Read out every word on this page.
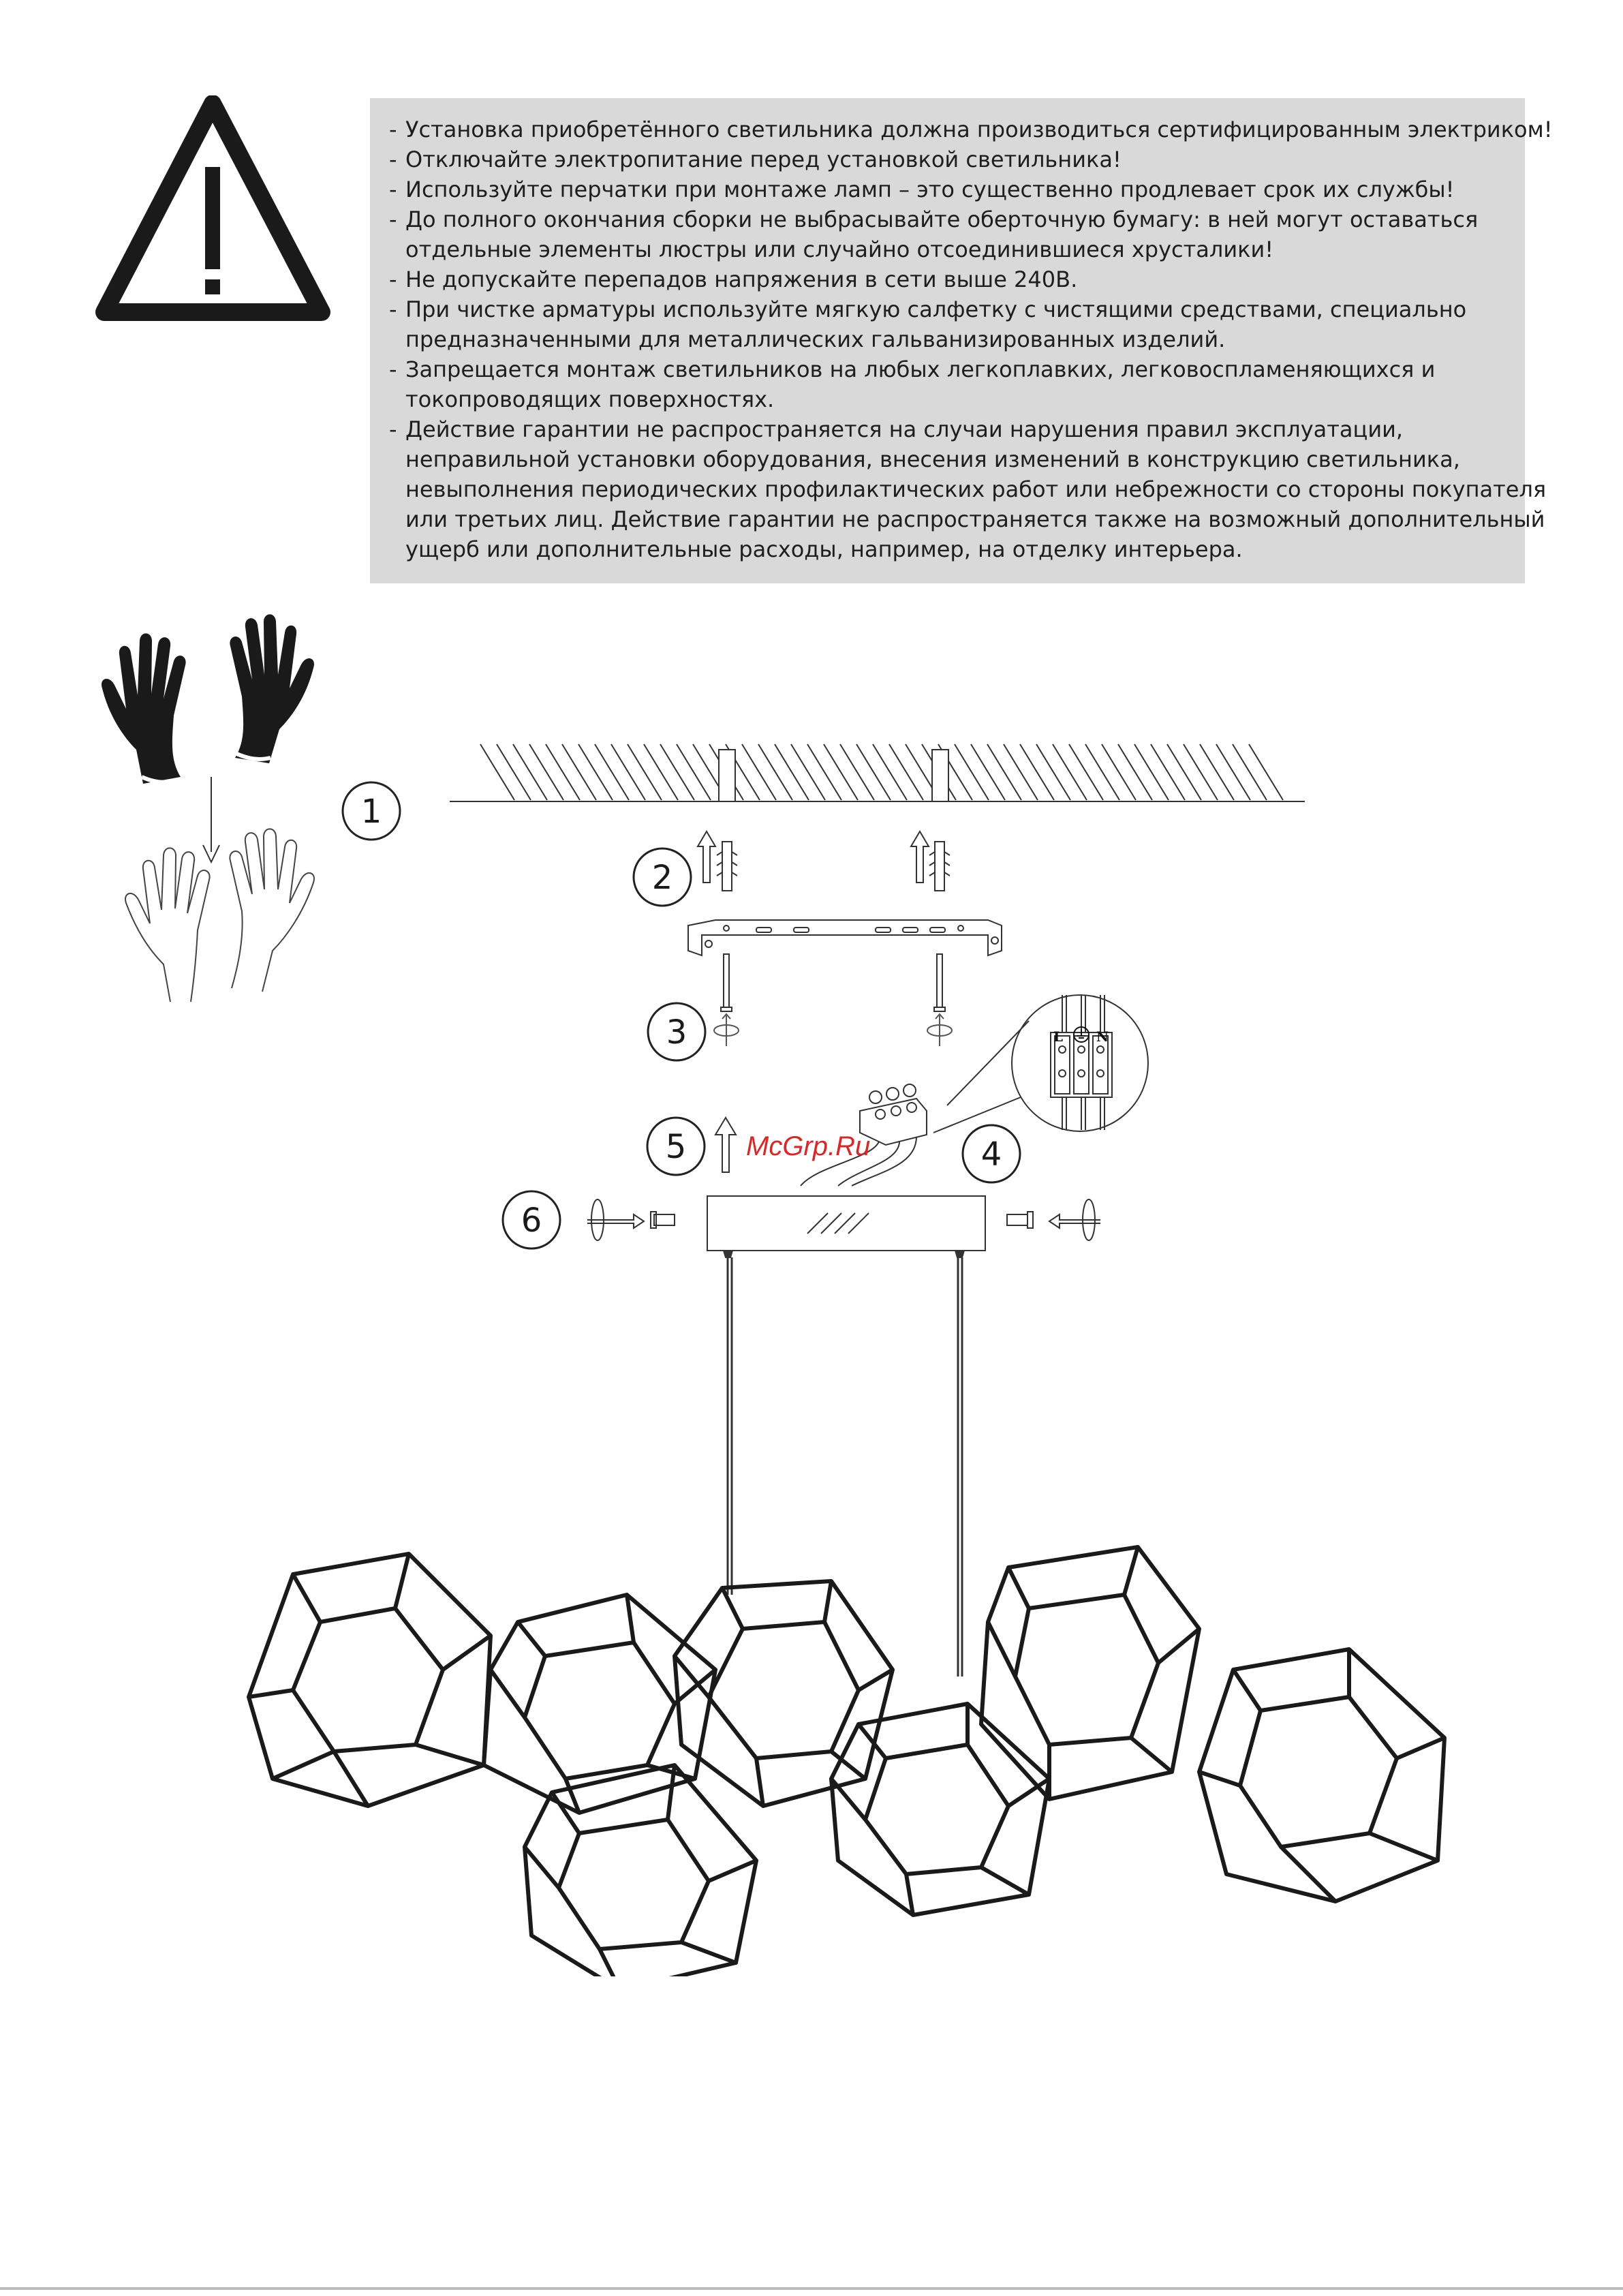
- Установка приобретённого светильника должна производиться сертифицированным электриком!
- Отключайте электропитание перед установкой светильника!
- Используйте перчатки при монтаже ламп – это существенно продлевает срок их службы!
- До полного окончания сборки не выбрасывайте оберточную бумагу: в ней могут оставаться
отдельные элементы люстры или случайно отсоединившиеся хрусталики!
- Не допускайте перепадов напряжения в сети выше 240В.
- При чистке арматуры используйте мягкую салфетку с чистящими средствами, специально
предназначенными для металлических гальванизированных изделий.
- Запрещается монтаж светильников на любых легкоплавких, легковоспламеняющихся и
токопроводящих поверхностях.
- Действие гарантии не распространяется на случаи нарушения правил эксплуатации,
неправильной установки оборудования, внесения изменений в конструкцию светильника,
невыполнения периодических профилактических работ или небрежности со стороны покупателя
или третьих лиц. Действие гарантии не распространяется также на возможный дополнительный
ущерб или дополнительные расходы, например, на отделку интерьера.
1
2
3	L N
5 McGrp.Ru	4
6
